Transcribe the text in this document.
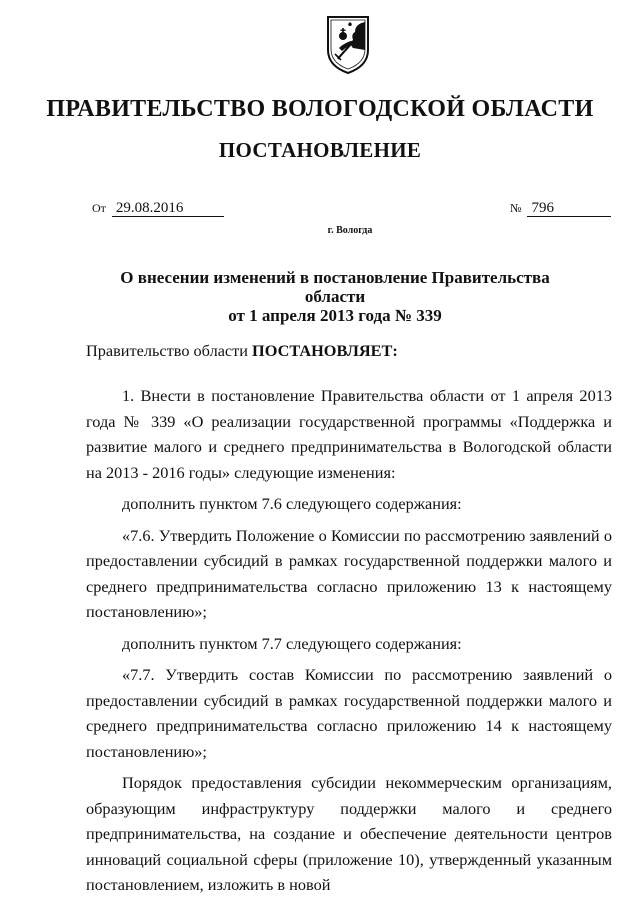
ПРАВИТЕЛЬСТВО ВОЛОГОДСКОЙ ОБЛАСТИ
ПОСТАНОВЛЕНИЕ
От 29.08.2016	№ 796
г. Вологда
О внесении изменений в постановление Правительства области
от 1 апреля 2013 года № 339
Правительство области ПОСТАНОВЛЯЕТ:

1. Внести в постановление Правительства области от 1 апреля 2013 года № 339 «О реализации государственной программы «Поддержка и развитие малого и среднего предпринимательства в Вологодской области на 2013 - 2016 годы» следующие изменения:

дополнить пунктом 7.6 следующего содержания:

«7.6. Утвердить Положение о Комиссии по рассмотрению заявлений о предоставлении субсидий в рамках государственной поддержки малого и среднего предпринимательства согласно приложению 13 к настоящему постановлению»;

дополнить пунктом 7.7 следующего содержания:

«7.7. Утвердить состав Комиссии по рассмотрению заявлений о предоставлении субсидий в рамках государственной поддержки малого и среднего предпринимательства согласно приложению 14 к настоящему постановлению»;

Порядок предоставления субсидии некоммерческим организациям, образующим инфраструктуру поддержки малого и среднего предпринимательства, на создание и обеспечение деятельности центров инноваций социальной сферы (приложение 10), утвержденный указанным постановлением, изложить в новой
